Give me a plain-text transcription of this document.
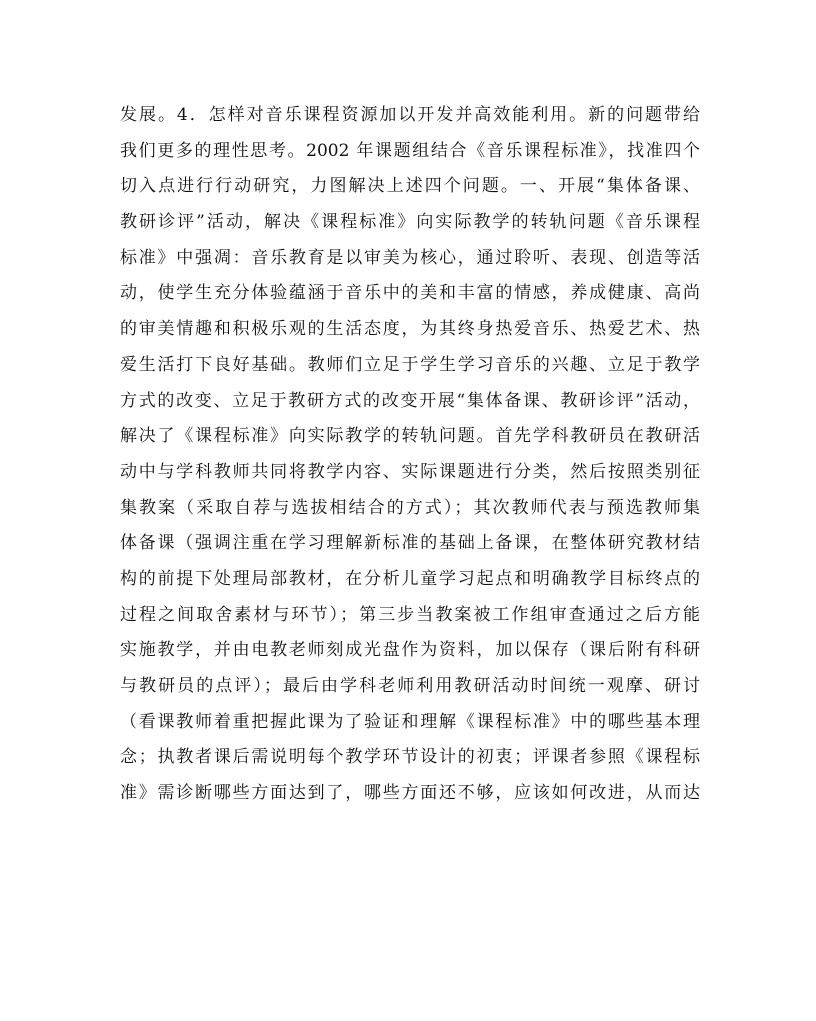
发展。4．怎样对音乐课程资源加以开发并高效能利用。新的问题带给
我们更多的理性思考。2002 年课题组结合《音乐课程标准》，找准四个
切入点进行行动研究，力图解决上述四个问题。一、开展“集体备课、
教研诊评”活动，解决《课程标准》向实际教学的转轨问题《音乐课程
标准》中强凋：音乐教育是以审美为核心，通过聆听、表现、创造等活
动，使学生充分体验蕴涵于音乐中的美和丰富的情感，养成健康、高尚
的审美情趣和积极乐观的生活态度，为其终身热爱音乐、热爱艺术、热
爱生活打下良好基础。教师们立足于学生学习音乐的兴趣、立足于教学
方式的改变、立足于教研方式的改变开展“集体备课、教研诊评”活动，
解决了《课程标准》向实际教学的转轨问题。首先学科教研员在教研活
动中与学科教师共同将教学内容、实际课题进行分类，然后按照类别征
集教案（采取自荐与选拔相结合的方式）；其次教师代表与预选教师集
体备课（强调注重在学习理解新标准的基础上备课，在整体研究教材结
构的前提下处理局部教材，在分析儿童学习起点和明确教学目标终点的
过程之间取舍素材与环节）；第三步当教案被工作组审查通过之后方能
实施教学，并由电教老师刻成光盘作为资料，加以保存（课后附有科研
与教研员的点评）；最后由学科老师利用教研活动时间统一观摩、研讨
（看课教师着重把握此课为了验证和理解《课程标准》中的哪些基本理
念；执教者课后需说明每个教学环节设计的初衷；评课者参照《课程标
准》需诊断哪些方面达到了，哪些方面还不够，应该如何改进，从而达
